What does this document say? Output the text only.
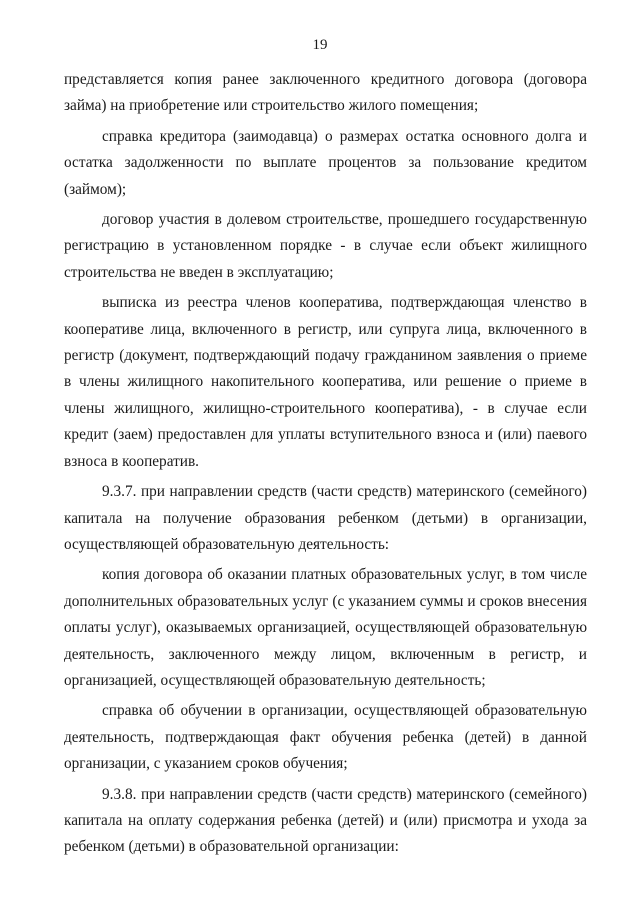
19

представляется копия ранее заключенного кредитного договора (договора займа) на приобретение или строительство жилого помещения;

справка кредитора (заимодавца) о размерах остатка основного долга и остатка задолженности по выплате процентов за пользование кредитом (займом);

договор участия в долевом строительстве, прошедшего государственную регистрацию в установленном порядке - в случае если объект жилищного строительства не введен в эксплуатацию;

выписка из реестра членов кооператива, подтверждающая членство в кооперативе лица, включенного в регистр, или супруга лица, включенного в регистр (документ, подтверждающий подачу гражданином заявления о приеме в члены жилищного накопительного кооператива, или решение о приеме в члены жилищного, жилищно-строительного кооператива), - в случае если кредит (заем) предоставлен для уплаты вступительного взноса и (или) паевого взноса в кооператив.

9.3.7. при направлении средств (части средств) материнского (семейного) капитала на получение образования ребенком (детьми) в организации, осуществляющей образовательную деятельность:

копия договора об оказании платных образовательных услуг, в том числе дополнительных образовательных услуг (с указанием суммы и сроков внесения оплаты услуг), оказываемых организацией, осуществляющей образовательную деятельность, заключенного между лицом, включенным в регистр, и организацией, осуществляющей образовательную деятельность;

справка об обучении в организации, осуществляющей образовательную деятельность, подтверждающая факт обучения ребенка (детей) в данной организации, с указанием сроков обучения;

9.3.8. при направлении средств (части средств) материнского (семейного) капитала на оплату содержания ребенка (детей) и (или) присмотра и ухода за ребенком (детьми) в образовательной организации:
